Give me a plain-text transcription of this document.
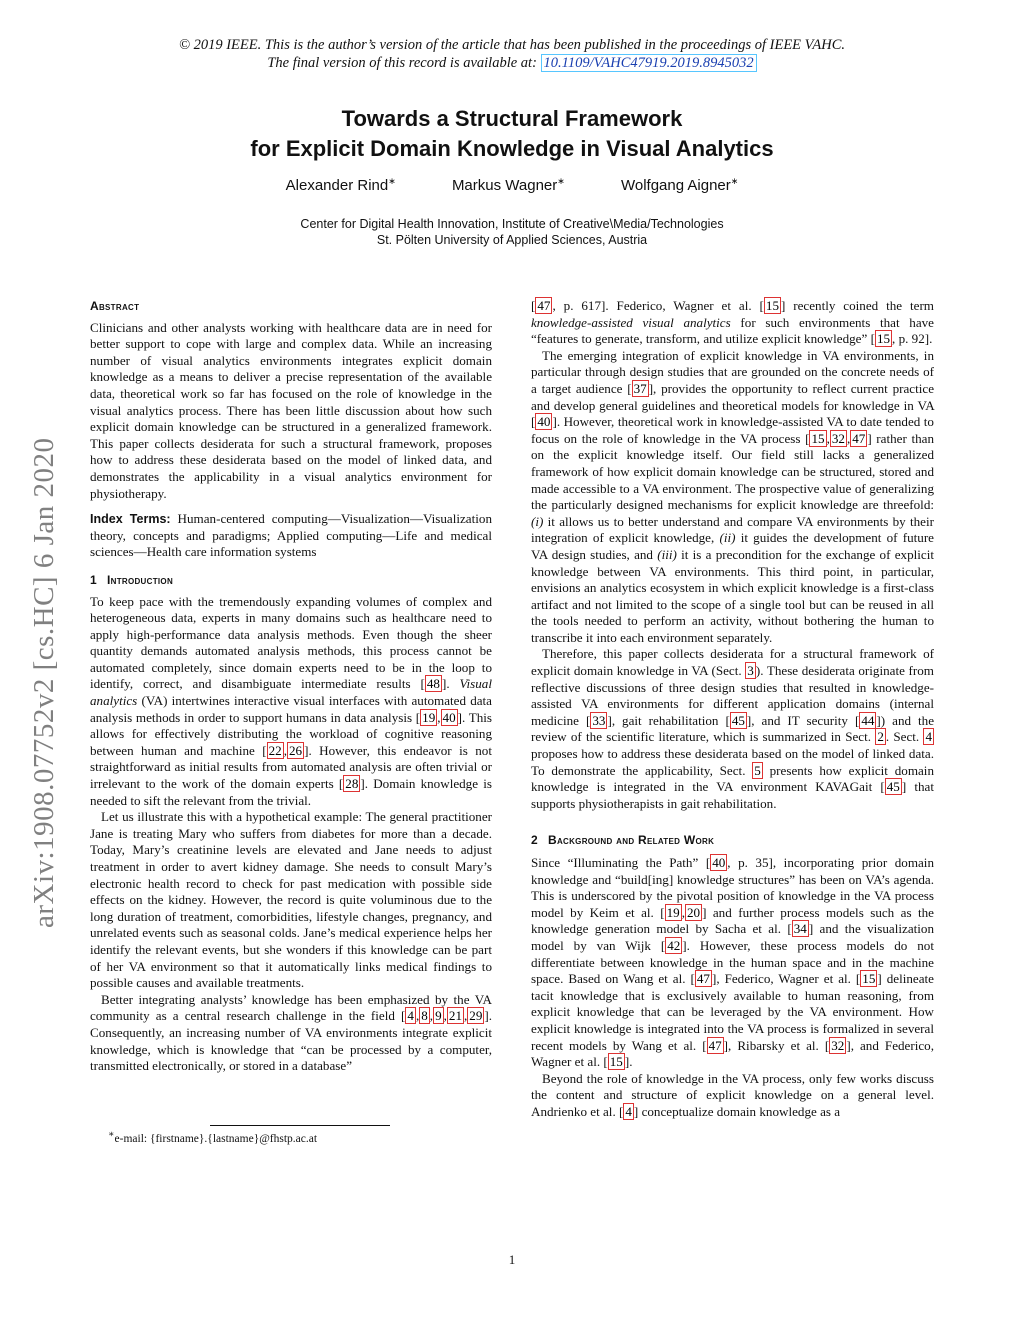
© 2019 IEEE. This is the author’s version of the article that has been published in the proceedings of IEEE VAHC.
The final version of this record is available at: 10.1109/VAHC47919.2019.8945032
Towards a Structural Framework
for Explicit Domain Knowledge in Visual Analytics
Alexander Rind∗	Markus Wagner∗	Wolfgang Aigner∗
Center for Digital Health Innovation, Institute of Creative\Media/Technologies
St. Pölten University of Applied Sciences, Austria
arXiv:1908.07752v2 [cs.HC] 6 Jan 2020
Abstract

Clinicians and other analysts working with healthcare data are in need for better support to cope with large and complex data. While an increasing number of visual analytics environments integrates explicit domain knowledge as a means to deliver a precise representation of the available data, theoretical work so far has focused on the role of knowledge in the visual analytics process. There has been little discussion about how such explicit domain knowledge can be structured in a generalized framework. This paper collects desiderata for such a structural framework, proposes how to address these desiderata based on the model of linked data, and demonstrates the applicability in a visual analytics environment for physiotherapy.

Index Terms: Human-centered computing—Visualization—Visualization theory, concepts and paradigms; Applied computing—Life and medical sciences—Health care information systems

1 Introduction

To keep pace with the tremendously expanding volumes of complex and heterogeneous data, experts in many domains such as healthcare need to apply high-performance data analysis methods. Even though the sheer quantity demands automated analysis methods, this process cannot be automated completely, since domain experts need to be in the loop to identify, correct, and disambiguate intermediate results [ 48 ]. Visual analytics (VA) intertwines interactive visual interfaces with automated data analysis methods in order to support humans in data analysis [ 19 , 40 ]. This allows for effectively distributing the workload of cognitive reasoning between human and machine [ 22 , 26 ]. However, this endeavor is not straightforward as initial results from automated analysis are often trivial or irrelevant to the work of the domain experts [ 28 ]. Domain knowledge is needed to sift the relevant from the trivial.

Let us illustrate this with a hypothetical example: The general practitioner Jane is treating Mary who suffers from diabetes for more than a decade. Today, Mary’s creatinine levels are elevated and Jane needs to adjust treatment in order to avert kidney damage. She needs to consult Mary’s electronic health record to check for past medication with possible side effects on the kidney. However, the record is quite voluminous due to the long duration of treatment, comorbidities, lifestyle changes, pregnancy, and unrelated events such as seasonal colds. Jane’s medical experience helps her identify the relevant events, but she wonders if this knowledge can be part of her VA environment so that it automatically links medical findings to possible causes and available treatments.

Better integrating analysts’ knowledge has been emphasized by the VA community as a central research challenge in the field [ 4 , 8 , 9 , 21 , 29 ]. Consequently, an increasing number of VA environments integrate explicit knowledge, which is knowledge that “can be processed by a computer, transmitted electronically, or stored in a database”

∗e-mail: {firstname}.{lastname}@fhstp.ac.at

[ 47 , p. 617]. Federico, Wagner et al. [ 15 ] recently coined the term knowledge-assisted visual analytics for such environments that have “features to generate, transform, and utilize explicit knowledge” [ 15 , p. 92].

The emerging integration of explicit knowledge in VA environments, in particular through design studies that are grounded on the concrete needs of a target audience [ 37 ], provides the opportunity to reflect current practice and develop general guidelines and theoretical models for knowledge in VA [ 40 ]. However, theoretical work in knowledge-assisted VA to date tended to focus on the role of knowledge in the VA process [ 15 , 32 , 47 ] rather than on the explicit knowledge itself. Our field still lacks a generalized framework of how explicit domain knowledge can be structured, stored and made accessible to a VA environment. The prospective value of generalizing the particularly designed mechanisms for explicit knowledge are threefold: (i) it allows us to better understand and compare VA environments by their integration of explicit knowledge, (ii) it guides the development of future VA design studies, and (iii) it is a precondition for the exchange of explicit knowledge between VA environments. This third point, in particular, envisions an analytics ecosystem in which explicit knowledge is a first-class artifact and not limited to the scope of a single tool but can be reused in all the tools needed to perform an activity, without bothering the human to transcribe it into each environment separately.

Therefore, this paper collects desiderata for a structural framework of explicit domain knowledge in VA (Sect. 3 ). These desiderata originate from reflective discussions of three design studies that resulted in knowledge-assisted VA environments for different application domains (internal medicine [ 33 ], gait rehabilitation [ 45 ], and IT security [ 44 ]) and the review of the scientific literature, which is summarized in Sect. 2 . Sect. 4 proposes how to address these desiderata based on the model of linked data. To demonstrate the applicability, Sect. 5 presents how explicit domain knowledge is integrated in the VA environment KAVAGait [ 45 ] that supports physiotherapists in gait rehabilitation.

2 Background and Related Work

Since “Illuminating the Path” [ 40 , p. 35], incorporating prior domain knowledge and “build[ing] knowledge structures” has been on VA’s agenda. This is underscored by the pivotal position of knowledge in the VA process model by Keim et al. [ 19 , 20 ] and further process models such as the knowledge generation model by Sacha et al. [ 34 ] and the visualization model by van Wijk [ 42 ]. However, these process models do not differentiate between knowledge in the human space and in the machine space. Based on Wang et al. [ 47 ], Federico, Wagner et al. [ 15 ] delineate tacit knowledge that is exclusively available to human reasoning, from explicit knowledge that can be leveraged by the VA environment. How explicit knowledge is integrated into the VA process is formalized in several recent models by Wang et al. [ 47 ], Ribarsky et al. [ 32 ], and Federico, Wagner et al. [ 15 ].

Beyond the role of knowledge in the VA process, only few works discuss the content and structure of explicit knowledge on a general level. Andrienko et al. [ 4 ] conceptualize domain knowledge as a

1
